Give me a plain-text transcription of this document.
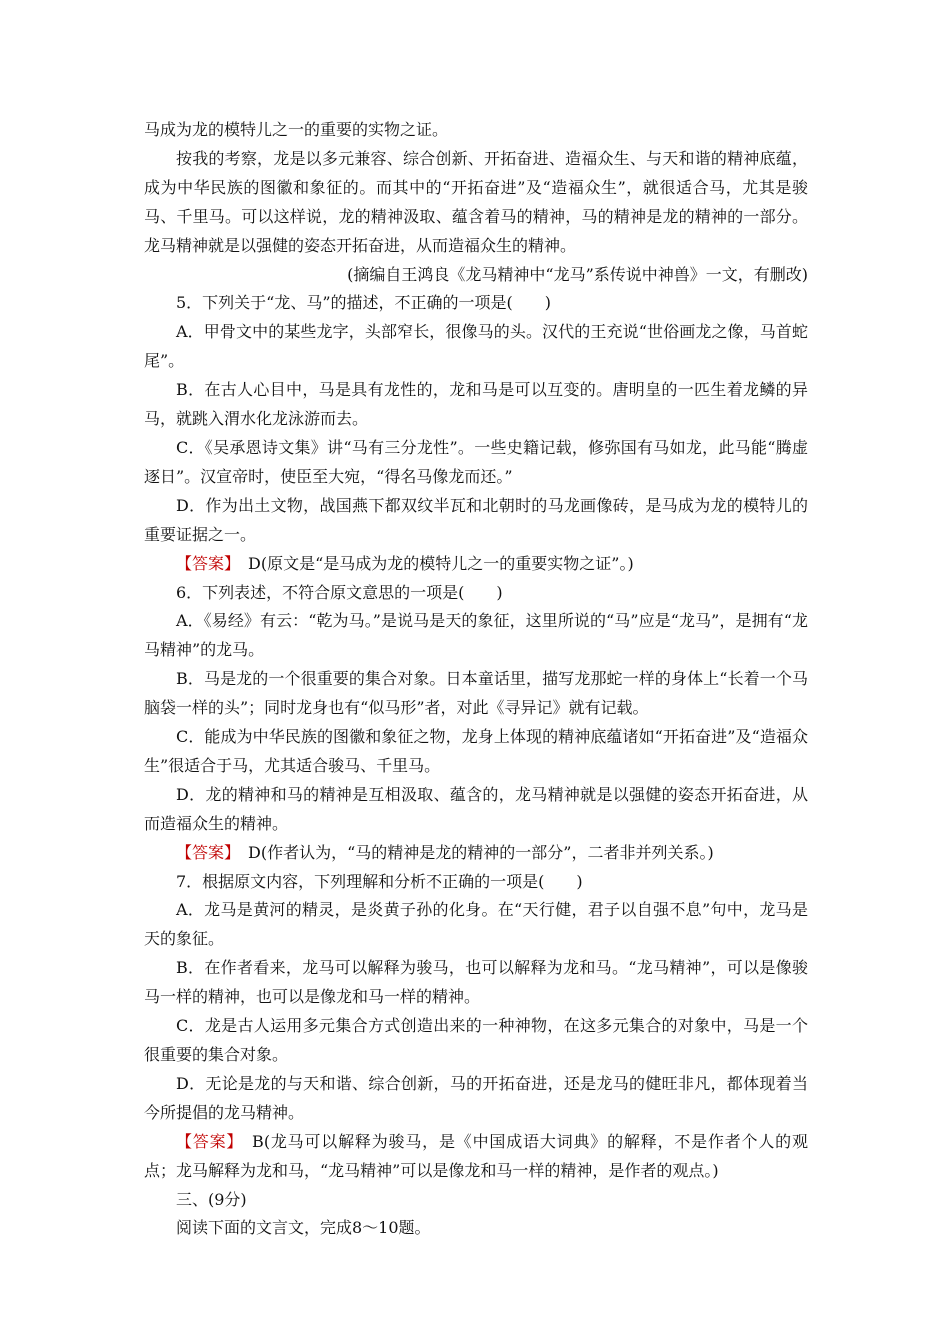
马成为龙的模特儿之一的重要的实物之证。

按我的考察，龙是以多元兼容、综合创新、开拓奋进、造福众生、与天和谐的精神底蕴，成为中华民族的图徽和象征的。而其中的“开拓奋进”及“造福众生”，就很适合马，尤其是骏马、千里马。可以这样说，龙的精神汲取、蕴含着马的精神，马的精神是龙的精神的一部分。龙马精神就是以强健的姿态开拓奋进，从而造福众生的精神。

(摘编自王鸿良《龙马精神中“龙马”系传说中神兽》一文，有删改)

5．下列关于“龙、马”的描述，不正确的一项是(　　)

A．甲骨文中的某些龙字，头部窄长，很像马的头。汉代的王充说“世俗画龙之像，马首蛇尾”。

B．在古人心目中，马是具有龙性的，龙和马是可以互变的。唐明皇的一匹生着龙鳞的异马，就跳入渭水化龙泳游而去。

C．《吴承恩诗文集》讲“马有三分龙性”。一些史籍记载，修弥国有马如龙，此马能“腾虚逐日”。汉宣帝时，使臣至大宛，“得名马像龙而还。”

D．作为出土文物，战国燕下都双纹半瓦和北朝时的马龙画像砖，是马成为龙的模特儿的重要证据之一。

【答案】　D(原文是“是马成为龙的模特儿之一的重要实物之证”。)

6．下列表述，不符合原文意思的一项是(　　)

A．《易经》有云：“乾为马。”是说马是天的象征，这里所说的“马”应是“龙马”，是拥有“龙马精神”的龙马。

B．马是龙的一个很重要的集合对象。日本童话里，描写龙那蛇一样的身体上“长着一个马脑袋一样的头”；同时龙身也有“似马形”者，对此《寻异记》就有记载。

C．能成为中华民族的图徽和象征之物，龙身上体现的精神底蕴诸如“开拓奋进”及“造福众生”很适合于马，尤其适合骏马、千里马。

D．龙的精神和马的精神是互相汲取、蕴含的，龙马精神就是以强健的姿态开拓奋进，从而造福众生的精神。

【答案】　D(作者认为，“马的精神是龙的精神的一部分”，二者非并列关系。)

7．根据原文内容，下列理解和分析不正确的一项是(　　)

A．龙马是黄河的精灵，是炎黄子孙的化身。在“天行健，君子以自强不息”句中，龙马是天的象征。

B．在作者看来，龙马可以解释为骏马，也可以解释为龙和马。“龙马精神”，可以是像骏马一样的精神，也可以是像龙和马一样的精神。

C．龙是古人运用多元集合方式创造出来的一种神物，在这多元集合的对象中，马是一个很重要的集合对象。

D．无论是龙的与天和谐、综合创新，马的开拓奋进，还是龙马的健旺非凡，都体现着当今所提倡的龙马精神。

【答案】　B(龙马可以解释为骏马，是《中国成语大词典》的解释，不是作者个人的观点；龙马解释为龙和马，“龙马精神”可以是像龙和马一样的精神，是作者的观点。)

三、(9分)

阅读下面的文言文，完成8～10题。
